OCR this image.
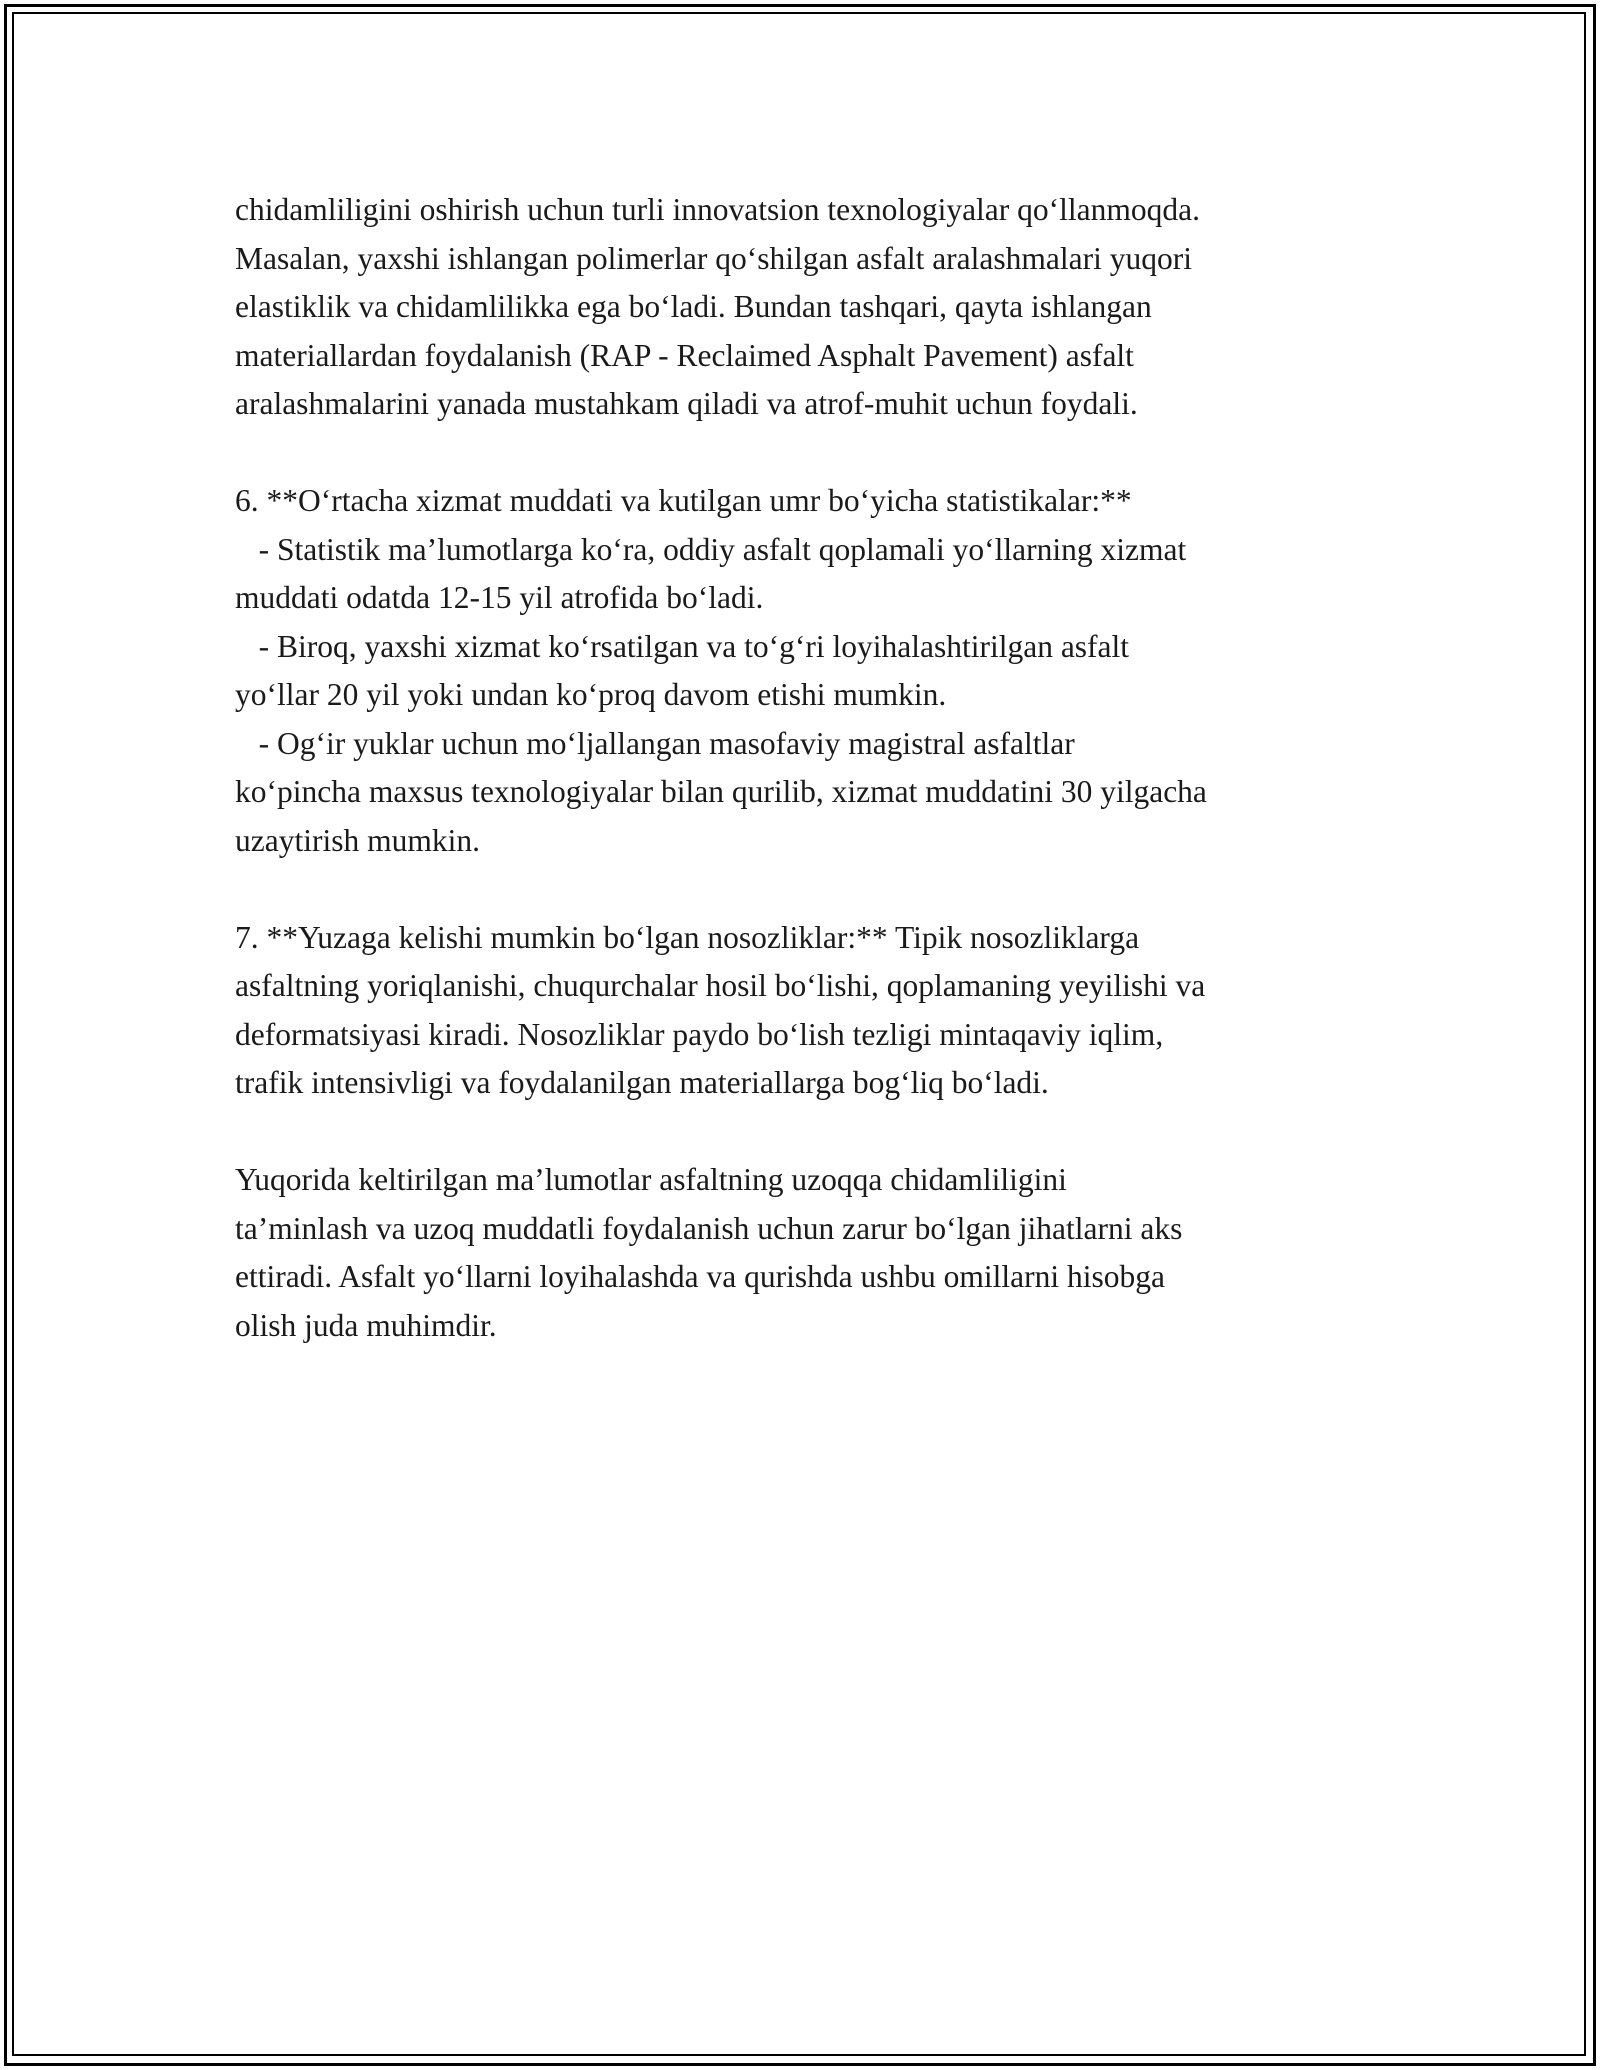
chidamliligini oshirish uchun turli innovatsion texnologiyalar qo‘llanmoqda.
Masalan, yaxshi ishlangan polimerlar qo‘shilgan asfalt aralashmalari yuqori
elastiklik va chidamlilikka ega bo‘ladi. Bundan tashqari, qayta ishlangan
materiallardan foydalanish (RAP - Reclaimed Asphalt Pavement) asfalt
aralashmalarini yanada mustahkam qiladi va atrof-muhit uchun foydali.
6. **O‘rtacha xizmat muddati va kutilgan umr bo‘yicha statistikalar:**
- Statistik ma’lumotlarga ko‘ra, oddiy asfalt qoplamali yo‘llarning xizmat
muddati odatda 12-15 yil atrofida bo‘ladi.
- Biroq, yaxshi xizmat ko‘rsatilgan va to‘g‘ri loyihalashtirilgan asfalt
yo‘llar 20 yil yoki undan ko‘proq davom etishi mumkin.
- Og‘ir yuklar uchun mo‘ljallangan masofaviy magistral asfaltlar
ko‘pincha maxsus texnologiyalar bilan qurilib, xizmat muddatini 30 yilgacha
uzaytirish mumkin.
7. **Yuzaga kelishi mumkin bo‘lgan nosozliklar:** Tipik nosozliklarga
asfaltning yoriqlanishi, chuqurchalar hosil bo‘lishi, qoplamaning yeyilishi va
deformatsiyasi kiradi. Nosozliklar paydo bo‘lish tezligi mintaqaviy iqlim,
trafik intensivligi va foydalanilgan materiallarga bog‘liq bo‘ladi.
Yuqorida keltirilgan ma’lumotlar asfaltning uzoqqa chidamliligini
ta’minlash va uzoq muddatli foydalanish uchun zarur bo‘lgan jihatlarni aks
ettiradi. Asfalt yo‘llarni loyihalashda va qurishda ushbu omillarni hisobga
olish juda muhimdir.
